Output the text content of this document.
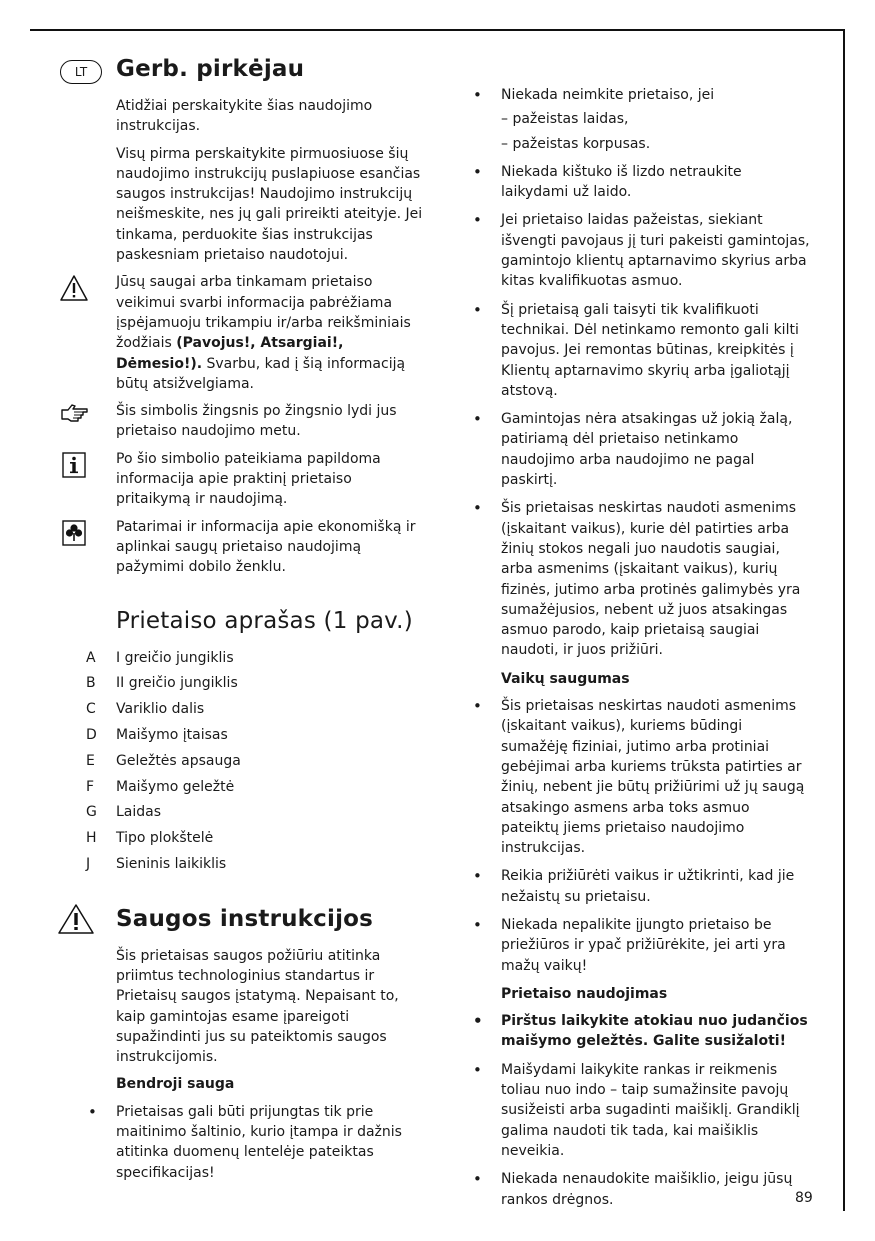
LT	Gerb. pirkėjau

Atidžiai perskaitykite šias naudojimo instrukcijas.

Visų pirma perskaitykite pirmuosiuose šių naudojimo instrukcijų puslapiuose esančias saugos instrukcijas! Naudojimo instrukcijų neišmeskite, nes jų gali prireikti ateityje. Jei tinkama, perduokite šias instrukcijas paskesniam prietaiso naudotojui.

Jūsų saugai arba tinkamam prietaiso veikimui svarbi informacija pabrėžiama įspėjamuoju trikampiu ir/arba reikšminiais žodžiais (Pavojus!, Atsargiai!, Dėmesio!). Svarbu, kad į šią informaciją būtų atsižvelgiama.

Šis simbolis žingsnis po žingsnio lydi jus prietaiso naudojimo metu.

Po šio simbolio pateikiama papildoma informacija apie praktinį prietaiso pritaikymą ir naudojimą.

Patarimai ir informacija apie ekonomišką ir aplinkai saugų prietaiso naudojimą pažymimi dobilo ženklu.

Prietaiso aprašas (1 pav.)
A	I greičio jungiklis
B	II greičio jungiklis
C	Variklio dalis
D Maišymo įtaisas
E	Geležtės apsauga
F	Maišymo geležtė
G Laidas
H Tipo plokštelė
J	Sieninis laikiklis
Saugos instrukcijos

Šis prietaisas saugos požiūriu atitinka priimtus technologinius standartus ir Prietaisų saugos įstatymą. Nepaisant to, kaip gamintojas esame įpareigoti supažindinti jus su pateiktomis saugos instrukcijomis.

Bendroji sauga

• Prietaisas gali būti prijungtas tik prie maitinimo šaltinio, kurio įtampa ir dažnis atitinka duomenų lentelėje pateiktas specifikacijas!
• Niekada neimkite prietaiso, jei
– pažeistas laidas,
– pažeistas korpusas.
• Niekada kištuko iš lizdo netraukite laikydami už laido.
• Jei prietaiso laidas pažeistas, siekiant išvengti pavojaus jį turi pakeisti gamintojas, gamintojo klientų aptarnavimo skyrius arba kitas kvalifikuotas asmuo.
• Šį prietaisą gali taisyti tik kvalifikuoti technikai. Dėl netinkamo remonto gali kilti pavojus. Jei remontas būtinas, kreipkitės į Klientų aptarnavimo skyrių arba įgaliotąjį atstovą.
• Gamintojas nėra atsakingas už jokią žalą, patiriamą dėl prietaiso netinkamo naudojimo arba naudojimo ne pagal paskirtį.
• Šis prietaisas neskirtas naudoti asmenims (įskaitant vaikus), kurie dėl patirties arba žinių stokos negali juo naudotis saugiai, arba asmenims (įskaitant vaikus), kurių fizinės, jutimo arba protinės galimybės yra sumažėjusios, nebent už juos atsakingas asmuo parodo, kaip prietaisą saugiai naudoti, ir juos prižiūri.

Vaikų saugumas

• Šis prietaisas neskirtas naudoti asmenims (įskaitant vaikus), kuriems būdingi sumažėję fiziniai, jutimo arba protiniai gebėjimai arba kuriems trūksta patirties ar žinių, nebent jie būtų prižiūrimi už jų saugą atsakingo asmens arba toks asmuo pateiktų jiems prietaiso naudojimo instrukcijas.
• Reikia prižiūrėti vaikus ir užtikrinti, kad jie nežaistų su prietaisu.
• Niekada nepalikite įjungto prietaiso be priežiūros ir ypač prižiūrėkite, jei arti yra mažų vaikų!

Prietaiso naudojimas

• Pirštus laikykite atokiau nuo judančios maišymo geležtės. Galite susižaloti!
• Maišydami laikykite rankas ir reikmenis toliau nuo indo – taip sumažinsite pavojų susižeisti arba sugadinti maišiklį. Grandiklį galima naudoti tik tada, kai maišiklis neveikia.
• Niekada nenaudokite maišiklio, jeigu jūsų rankos drėgnos.	89
